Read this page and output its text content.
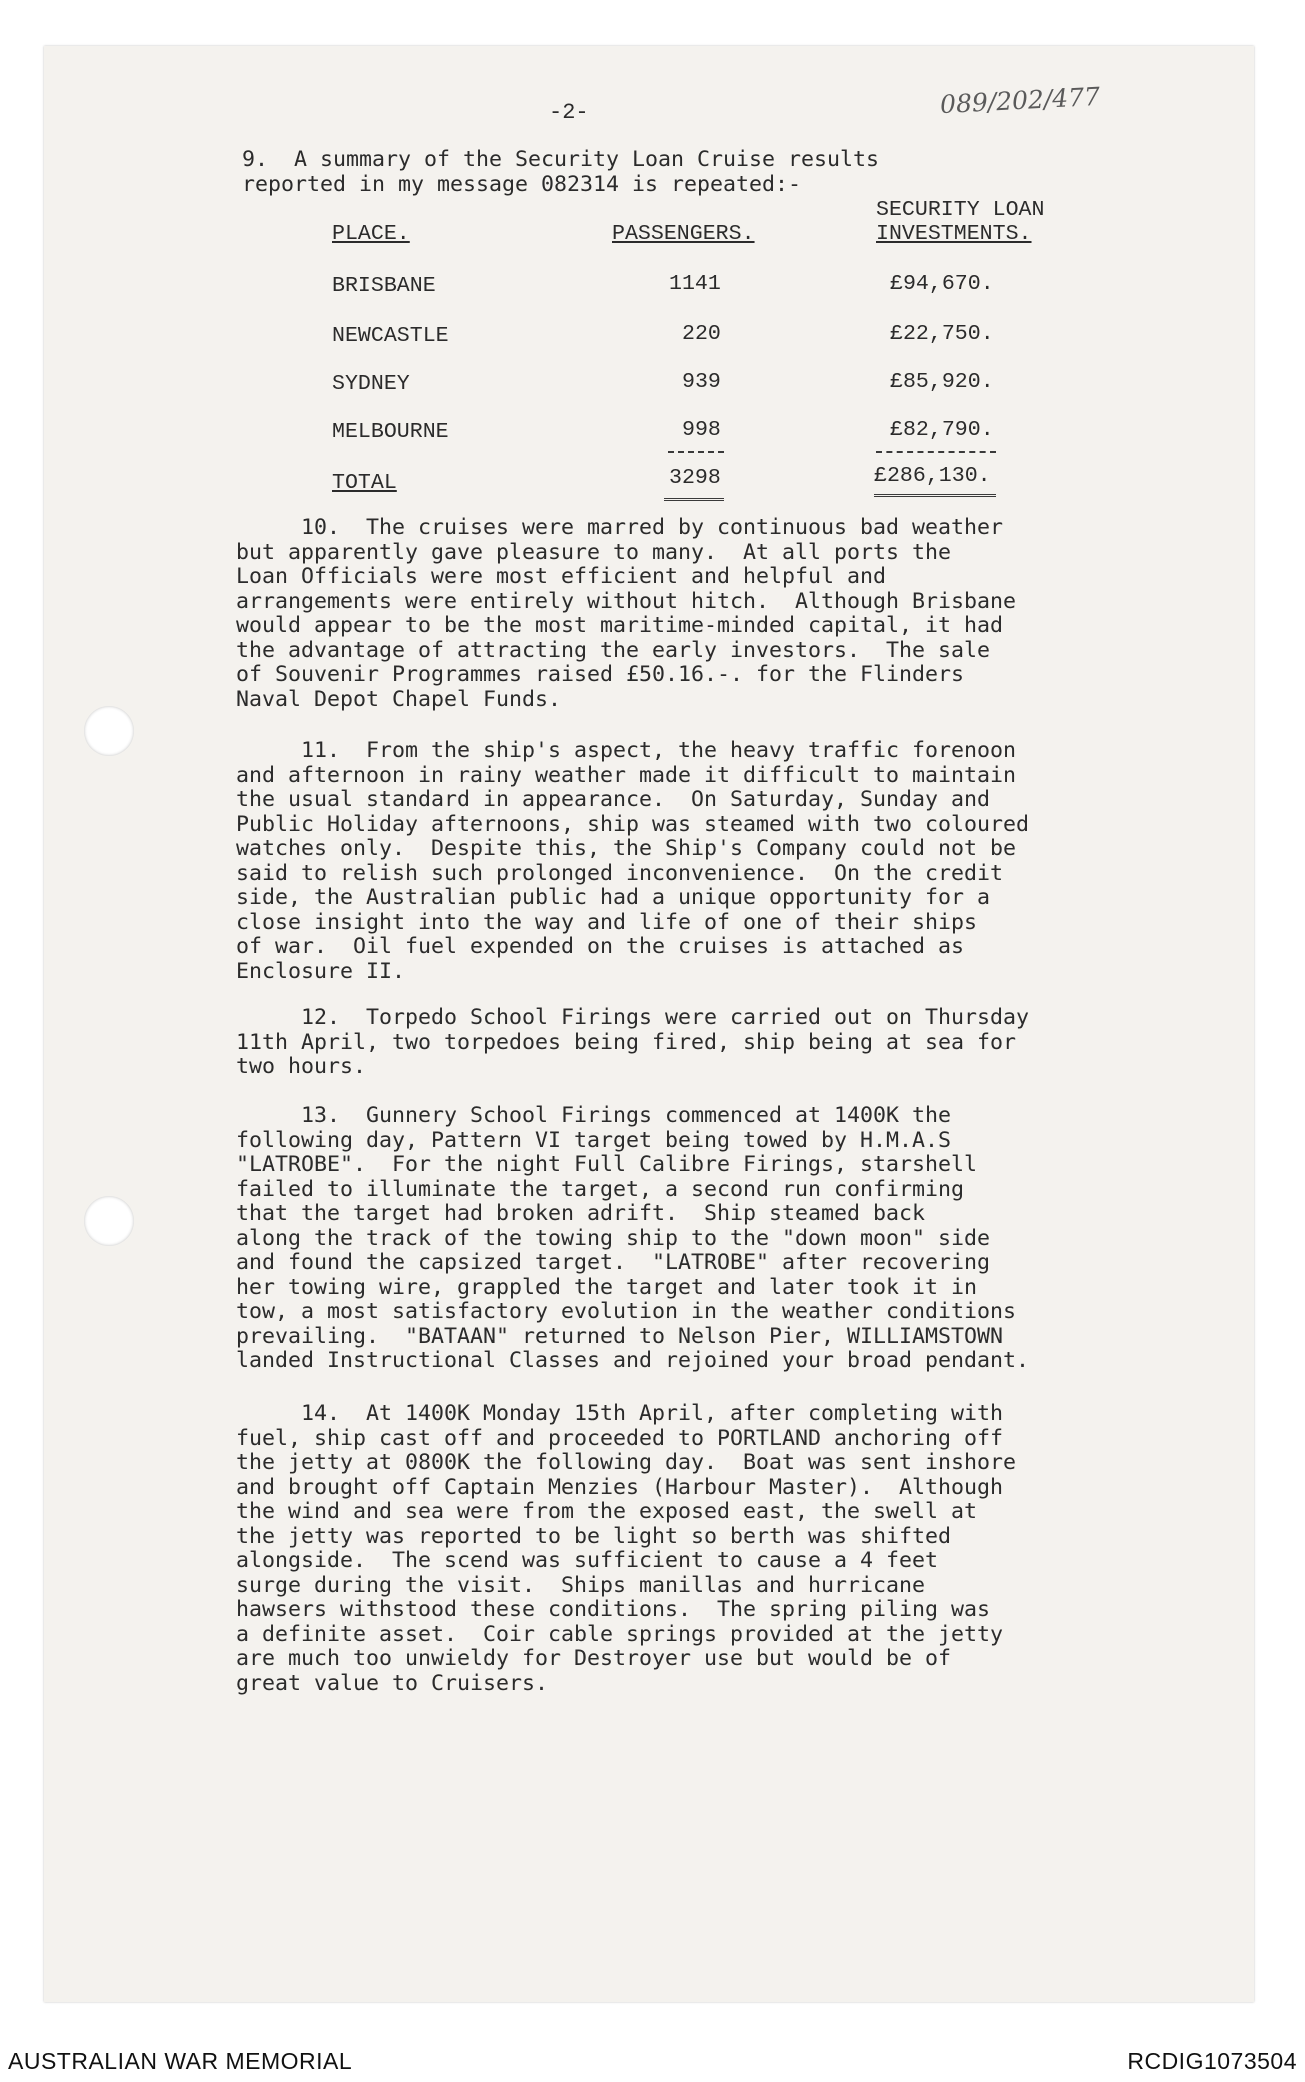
-2-	089/202/477
9.  A summary of the Security Loan Cruise results
reported in my message 082314 is repeated:-
PLACE.	PASSENGERS.
SECURITY LOAN
INVESTMENTS.
BRISBANE	1141	£94,670.
NEWCASTLE	220	£22,750.
SYDNEY	939	£85,920.
MELBOURNE	998	£82,790.
TOTAL	3298	£286,130.
10.  The cruises were marred by continuous bad weather
but apparently gave pleasure to many.  At all ports the
Loan Officials were most efficient and helpful and
arrangements were entirely without hitch.  Although Brisbane
would appear to be the most maritime-minded capital, it had
the advantage of attracting the early investors.  The sale
of Souvenir Programmes raised £50.16.-. for the Flinders
Naval Depot Chapel Funds.
11.  From the ship's aspect, the heavy traffic forenoon
and afternoon in rainy weather made it difficult to maintain
the usual standard in appearance.  On Saturday, Sunday and
Public Holiday afternoons, ship was steamed with two coloured
watches only.  Despite this, the Ship's Company could not be
said to relish such prolonged inconvenience.  On the credit
side, the Australian public had a unique opportunity for a
close insight into the way and life of one of their ships
of war.  Oil fuel expended on the cruises is attached as
Enclosure II.
12.  Torpedo School Firings were carried out on Thursday
11th April, two torpedoes being fired, ship being at sea for
two hours.
13.  Gunnery School Firings commenced at 1400K the
following day, Pattern VI target being towed by H.M.A.S
"LATROBE".  For the night Full Calibre Firings, starshell
failed to illuminate the target, a second run confirming
that the target had broken adrift.  Ship steamed back
along the track of the towing ship to the "down moon" side
and found the capsized target.  "LATROBE" after recovering
her towing wire, grappled the target and later took it in
tow, a most satisfactory evolution in the weather conditions
prevailing.  "BATAAN" returned to Nelson Pier, WILLIAMSTOWN
landed Instructional Classes and rejoined your broad pendant.
14.  At 1400K Monday 15th April, after completing with
fuel, ship cast off and proceeded to PORTLAND anchoring off
the jetty at 0800K the following day.  Boat was sent inshore
and brought off Captain Menzies (Harbour Master).  Although
the wind and sea were from the exposed east, the swell at
the jetty was reported to be light so berth was shifted
alongside.  The scend was sufficient to cause a 4 feet
surge during the visit.  Ships manillas and hurricane
hawsers withstood these conditions.  The spring piling was
a definite asset.  Coir cable springs provided at the jetty
are much too unwieldy for Destroyer use but would be of
great value to Cruisers.
AUSTRALIAN WAR MEMORIAL	RCDIG1073504
